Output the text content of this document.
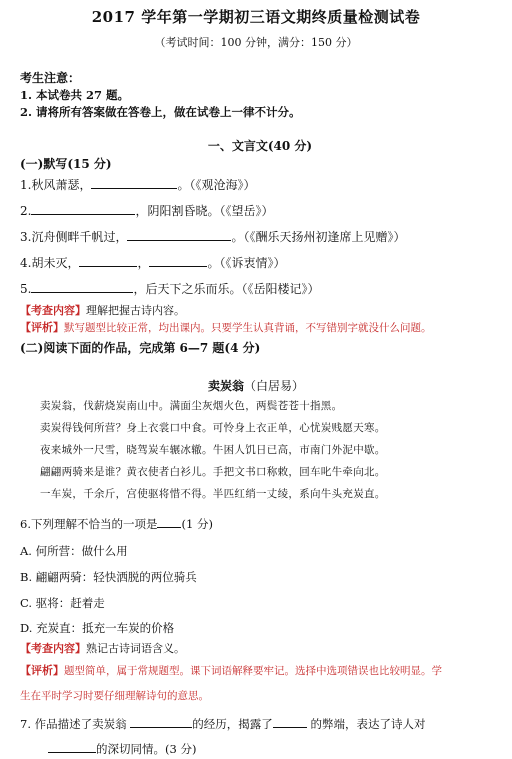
2017 学年第一学期初三语文期终质量检测试卷
（考试时间：100 分钟，满分：150 分）
考生注意：
1. 本试卷共 27 题。
2. 请将所有答案做在答卷上，做在试卷上一律不计分。
一、文言文(40 分)
(一)默写(15 分)
1.秋风萧瑟，	。（《观沧海》）
2.	，阴阳割昏晓。（《望岳》）
3.沉舟侧畔千帆过，	。（《酬乐天扬州初逢席上见赠》）
4.胡未灭，	，	。（《诉衷情》）
5.	，后天下之乐而乐。（《岳阳楼记》）
【考查内容】理解把握古诗内容。
【评析】默写题型比较正常，均出课内。只要学生认真背诵，不写错别字就没什么问题。
(二)阅读下面的作品，完成第 6—7 题(4 分)
卖炭翁（白居易）
卖炭翁，伐薪烧炭南山中。满面尘灰烟火色，两鬓苍苍十指黑。
卖炭得钱何所营？身上衣裳口中食。可怜身上衣正单，心忧炭贱愿天寒。
夜来城外一尺雪，晓驾炭车辗冰辙。牛困人饥日已高，市南门外泥中歇。
翩翩两骑来是谁？黄衣使者白衫儿。手把文书口称敕，回车叱牛牵向北。
一车炭，千余斤，宫使驱将惜不得。半匹红绡一丈绫，系向牛头充炭直。
6.下列理解不恰当的一项是 (1 分)
A. 何所营：做什么用
B. 翩翩两骑：轻快洒脱的两位骑兵
C. 驱将：赶着走
D. 充炭直：抵充一车炭的价格
【考查内容】熟记古诗词语含义。
【评析】题型简单，属于常规题型。课下词语解释要牢记。选择中选项错误也比较明显。学
生在平时学习时要仔细理解诗句的意思。
7. 作品描述了卖炭翁	的经历，揭露了	的弊端，表达了诗人对
的深切同情。(3 分)
